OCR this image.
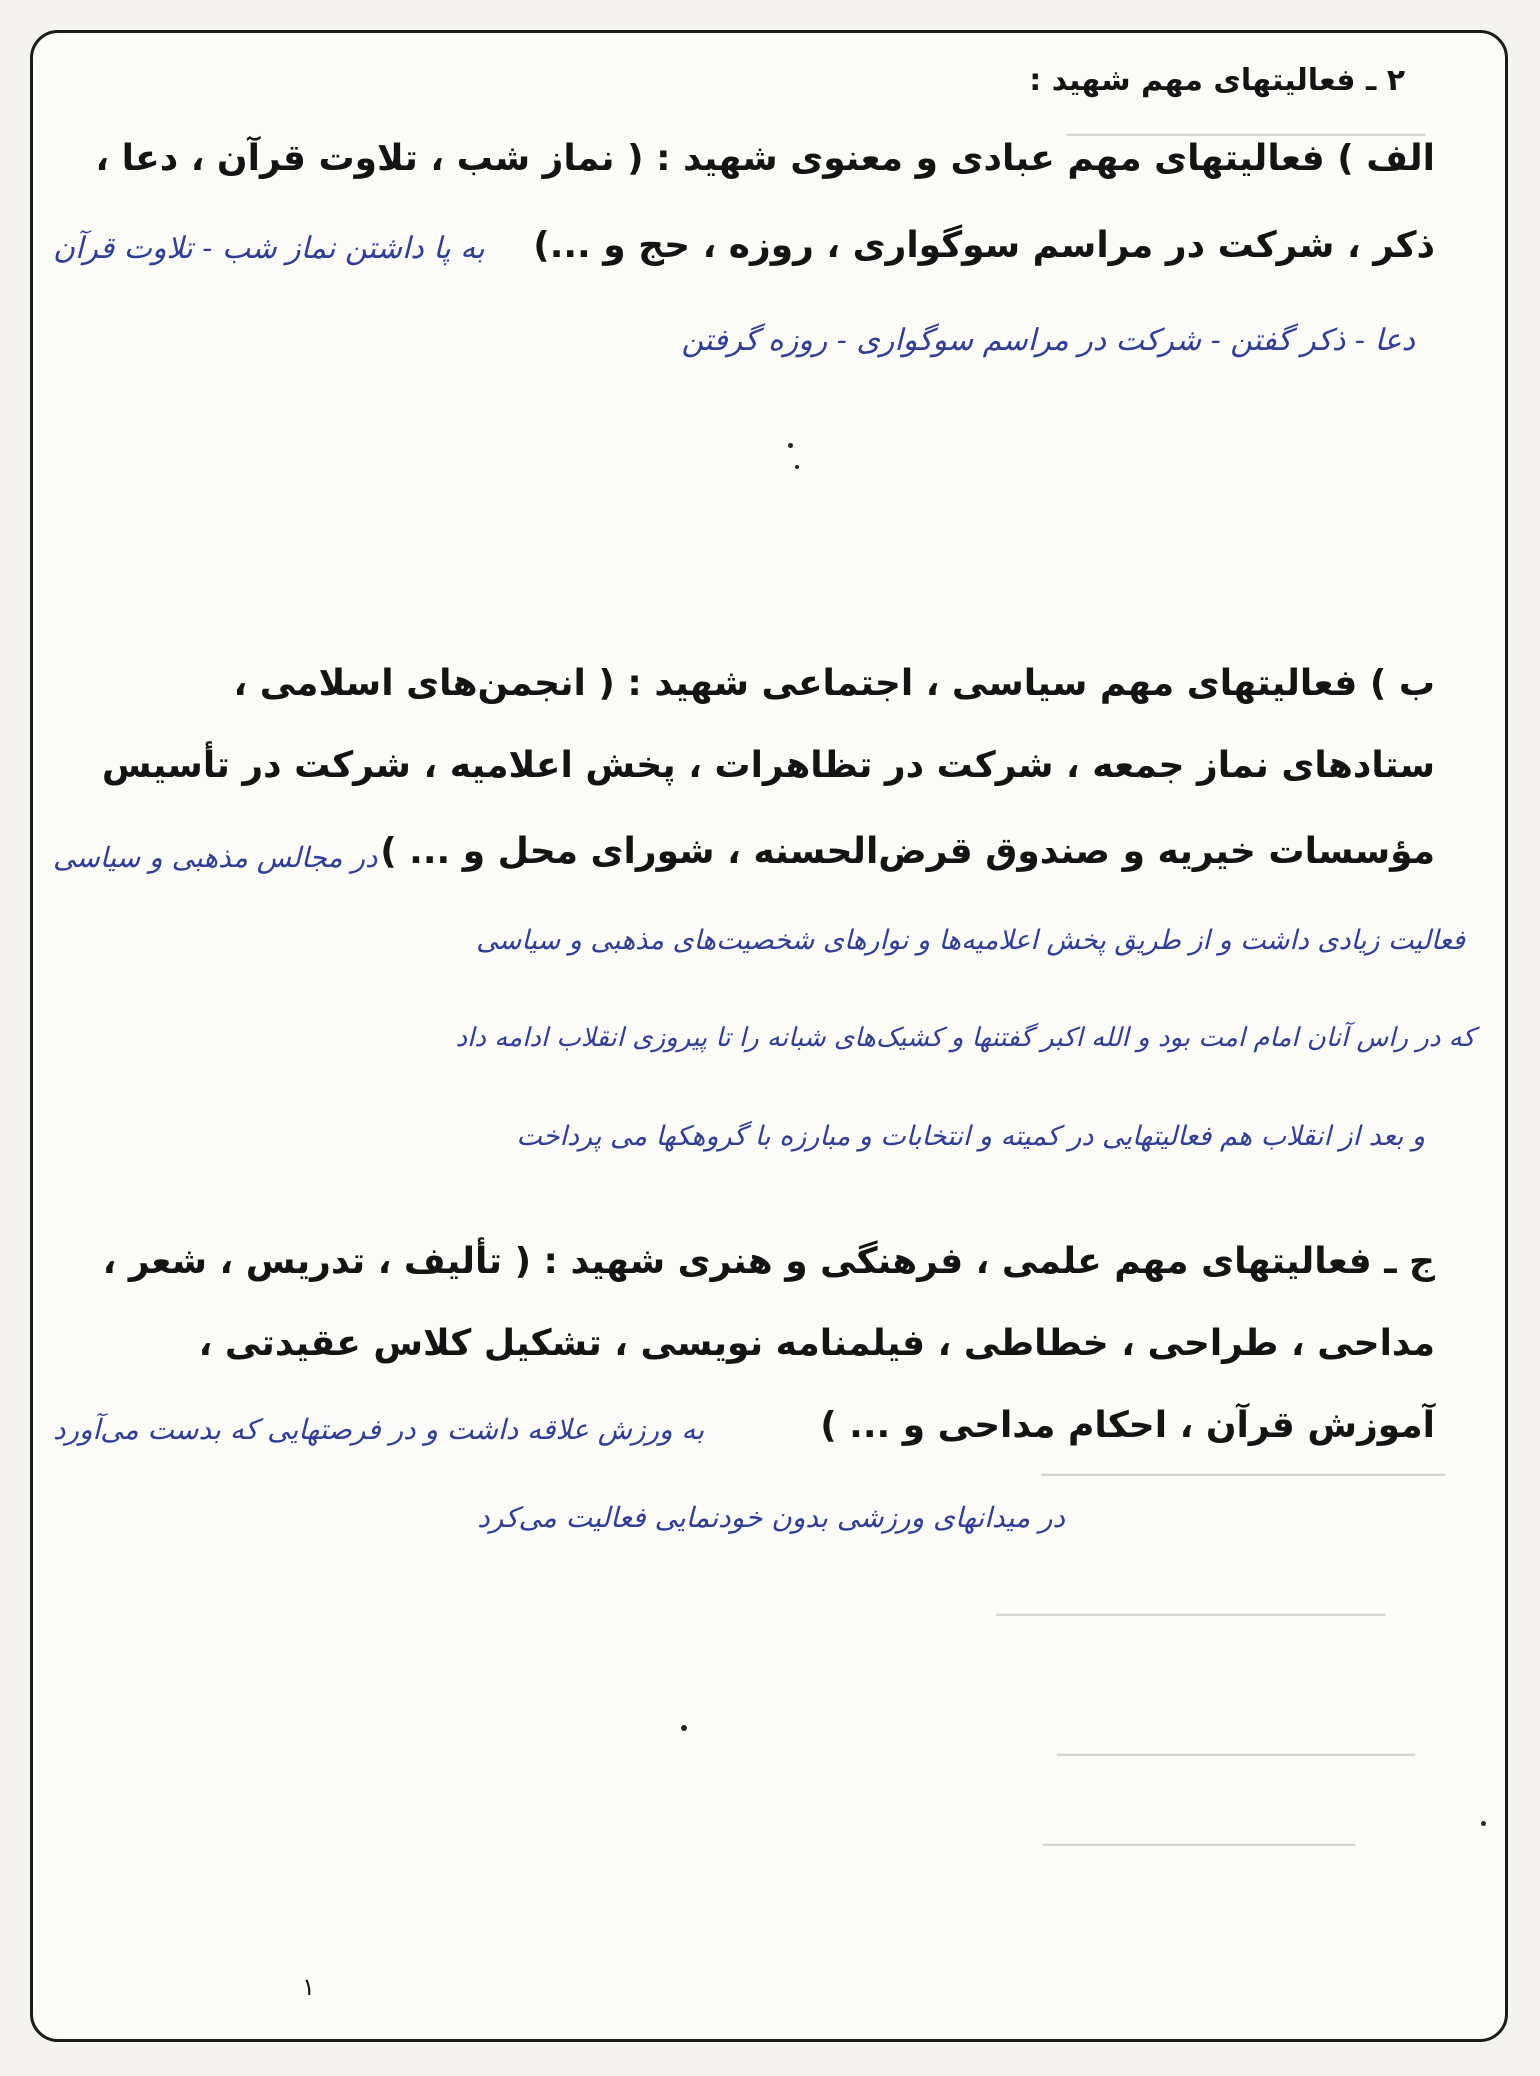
ـــــــــــــــــــــــــــــــــــــــــــــــ
ـــــــــــــــــــــــــــــــــــــــــــــــــــــ
ـــــــــــــــــــــــــــــــــــــــــــــــــــ
ـــــــــــــــــــــــــــــــــــــــــــــــ
ـــــــــــــــــــــــــــــــــــــــــ
۲ ـ فعالیتهای مهم شهید :
الف ) فعالیتهای مهم عبادی و معنوی شهید : ( نماز شب ، تلاوت قرآن ، دعا ،
ذکر ، شرکت در مراسم سوگواری ، روزه ، حج و ...)
به پا داشتن نماز شب - تلاوت قرآن
دعا - ذکر گفتن - شرکت در مراسم سوگواری - روزه گرفتن
ب ) فعالیتهای مهم سیاسی ، اجتماعی شهید : ( انجمن‌های اسلامی ،
ستادهای نماز جمعه ، شرکت در تظاهرات ، پخش اعلامیه ، شرکت در تأسیس
مؤسسات خیریه و صندوق قرض‌الحسنه ، شورای محل و ... )
در مجالس مذهبی و سیاسی
فعالیت زیادی داشت و از طریق پخش اعلامیه‌ها و نوارهای شخصیت‌های مذهبی و سیاسی
که در راس آنان امام امت بود و الله اکبر گفتنها و کشیک‌های شبانه را تا پیروزی انقلاب ادامه داد
و بعد از انقلاب هم فعالیتهایی در کمیته و انتخابات و مبارزه با گروهکها می پرداخت
ج ـ فعالیتهای مهم علمی ، فرهنگی و هنری شهید : ( تألیف ، تدریس ، شعر ،
مداحی ، طراحی ، خطاطی ، فیلمنامه نویسی ، تشکیل کلاس عقیدتی ،
آموزش قرآن ، احکام مداحی و ... )
به ورزش علاقه داشت و در فرصتهایی که بدست می‌آورد
در میدانهای ورزشی بدون خودنمایی فعالیت می‌کرد
۱
